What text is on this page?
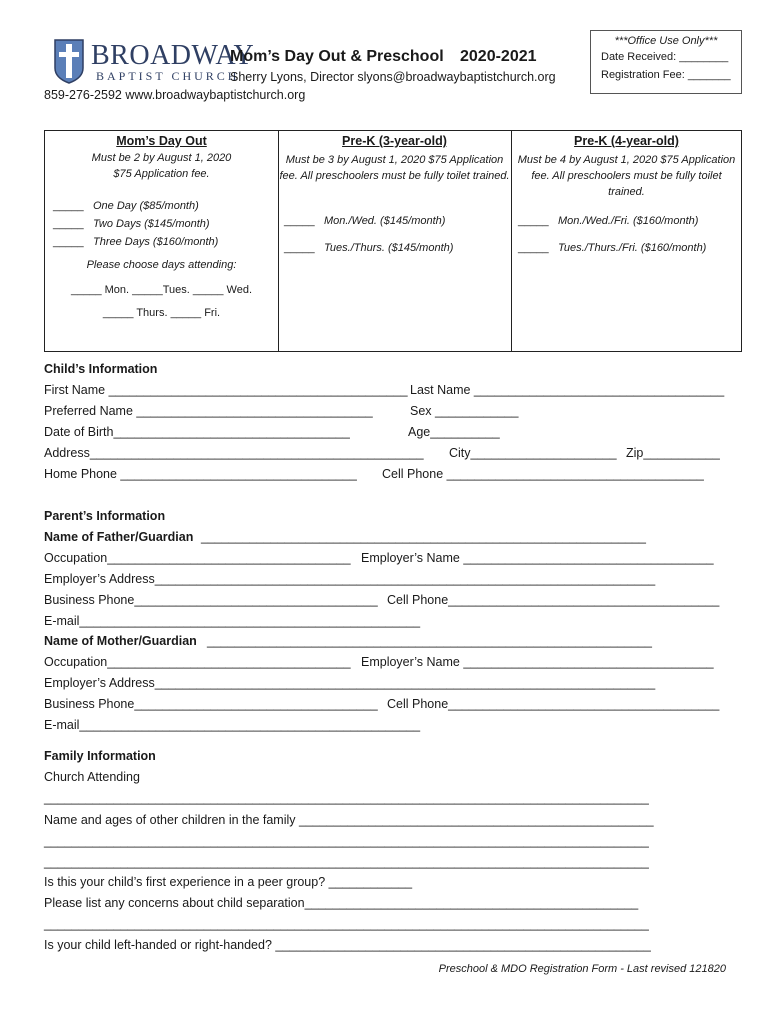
BROADWAY
BAPTIST CHURCH
Mom’s Day Out & Preschool 2020-2021
Sherry Lyons, Director slyons@broadwaybaptistchurch.org
859-276-2592 www.broadwaybaptistchurch.org
***Office Use Only***
Date Received: ________
Registration Fee: _______
Mom’s Day Out
Must be 2 by August 1, 2020
$75 Application fee.
_____ One Day ($85/month)
_____ Two Days ($145/month)
_____ Three Days ($160/month)
Please choose days attending:
_____ Mon. _____Tues. _____ Wed.
_____ Thurs. _____ Fri.
Pre-K (3-year-old)
Must be 3 by August 1, 2020 $75 Application fee. All preschoolers must be fully toilet trained.
_____ Mon./Wed. ($145/month)
_____ Tues./Thurs. ($145/month)
Pre-K (4-year-old)
Must be 4 by August 1, 2020 $75 Application fee. All preschoolers must be fully toilet trained.
_____ Mon./Wed./Fri. ($160/month)
_____ Tues./Thurs./Fri. ($160/month)
Child’s Information
First Name ___________________________________________ Last Name ____________________________________
Preferred Name __________________________________	Sex ____________
Date of Birth__________________________________	Age__________
Address________________________________________________ City_____________________ Zip___________
Home Phone __________________________________ Cell Phone _____________________________________
Parent’s Information
Name of Father/Guardian ________________________________________________________________
Occupation___________________________________ Employer’s Name ____________________________________
Employer’s Address________________________________________________________________________
Business Phone___________________________________ Cell Phone_______________________________________
E-mail_________________________________________________
Name of Mother/Guardian ________________________________________________________________
Occupation___________________________________ Employer’s Name ____________________________________
Employer’s Address________________________________________________________________________
Business Phone___________________________________ Cell Phone_______________________________________
E-mail_________________________________________________
Family Information
Church Attending
_______________________________________________________________________________________
Name and ages of other children in the family ___________________________________________________
_______________________________________________________________________________________
_______________________________________________________________________________________
Is this your child’s first experience in a peer group? ____________
Please list any concerns about child separation________________________________________________
_______________________________________________________________________________________
Is your child left-handed or right-handed? ______________________________________________________
Preschool & MDO Registration Form - Last revised 121820
